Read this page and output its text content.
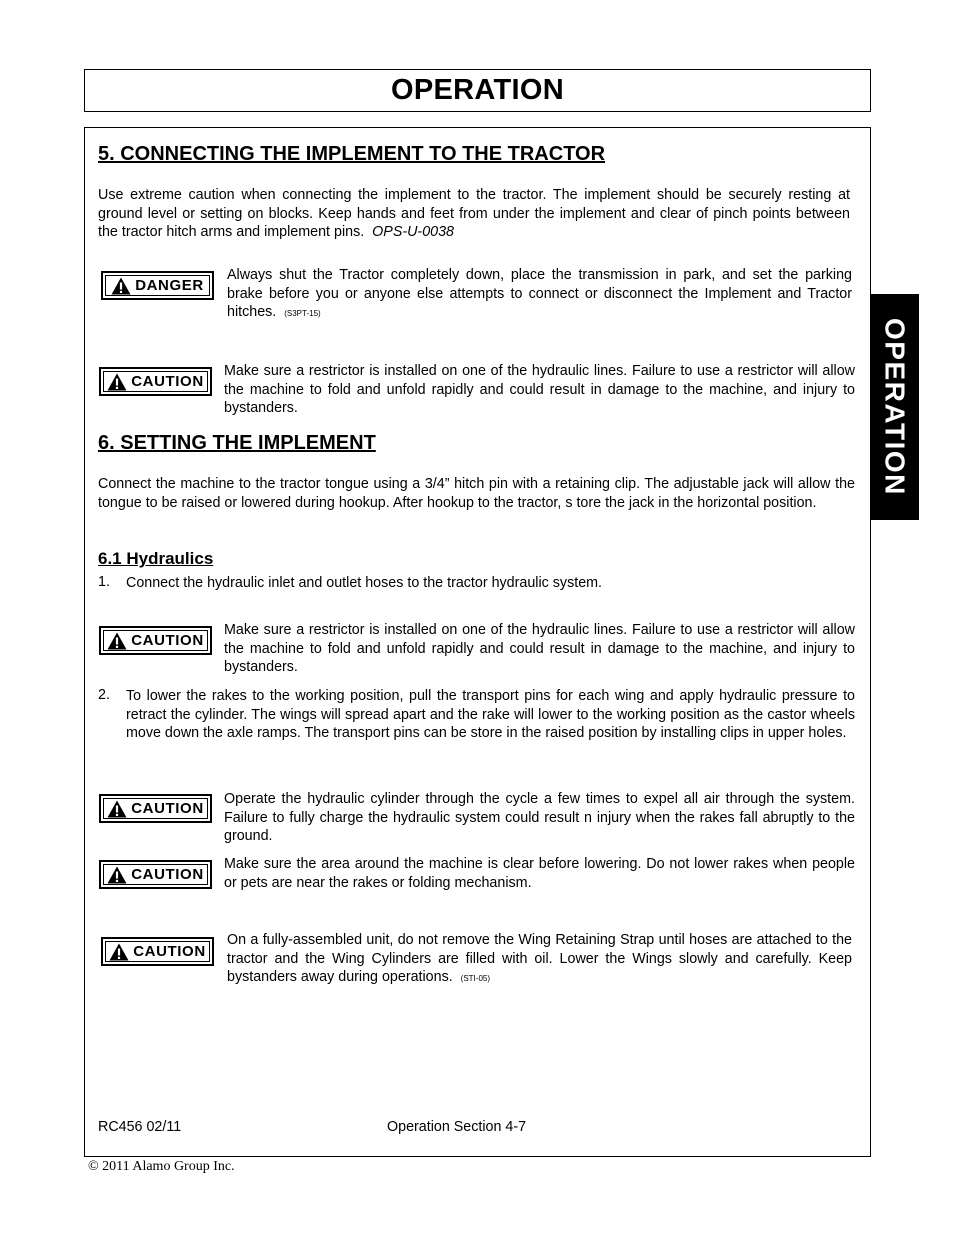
OPERATION
OPERATION
5. CONNECTING THE IMPLEMENT TO THE TRACTOR
Use extreme caution when connecting the implement to the tractor. The implement should be securely resting at ground level or setting on blocks. Keep hands and feet from under the implement and clear of pinch points between the tractor hitch arms and implement pins. OPS-U-0038
DANGER
Always shut the Tractor completely down, place the transmission in park, and set the parking brake before you or anyone else attempts to connect or disconnect the Implement and Tractor hitches. (S3PT-15)
CAUTION
Make sure a restrictor is installed on one of the hydraulic lines. Failure to use a restrictor will allow the machine to fold and unfold rapidly and could result in damage to the machine, and injury to bystanders.
6. SETTING THE IMPLEMENT
Connect the machine to the tractor tongue using a 3/4” hitch pin with a retaining clip. The adjustable jack will allow the tongue to be raised or lowered during hookup. After hookup to the tractor, s tore the jack in the horizontal position.
6.1 Hydraulics
1. Connect the hydraulic inlet and outlet hoses to the tractor hydraulic system.
CAUTION
Make sure a restrictor is installed on one of the hydraulic lines. Failure to use a restrictor will allow the machine to fold and unfold rapidly and could result in damage to the machine, and injury to bystanders.
2. To lower the rakes to the working position, pull the transport pins for each wing and apply hydraulic pressure to retract the cylinder. The wings will spread apart and the rake will lower to the working position as the castor wheels move down the axle ramps. The transport pins can be store in the raised position by installing clips in upper holes.
CAUTION
Operate the hydraulic cylinder through the cycle a few times to expel all air through the system. Failure to fully charge the hydraulic system could result n injury when the rakes fall abruptly to the ground.
CAUTION
Make sure the area around the machine is clear before lowering. Do not lower rakes when people or pets are near the rakes or folding mechanism.
CAUTION
On a fully-assembled unit, do not remove the Wing Retaining Strap until hoses are attached to the tractor and the Wing Cylinders are filled with oil. Lower the Wings slowly and carefully. Keep bystanders away during operations. (STI-05)
RC456 02/11	Operation Section 4-7
© 2011 Alamo Group Inc.
